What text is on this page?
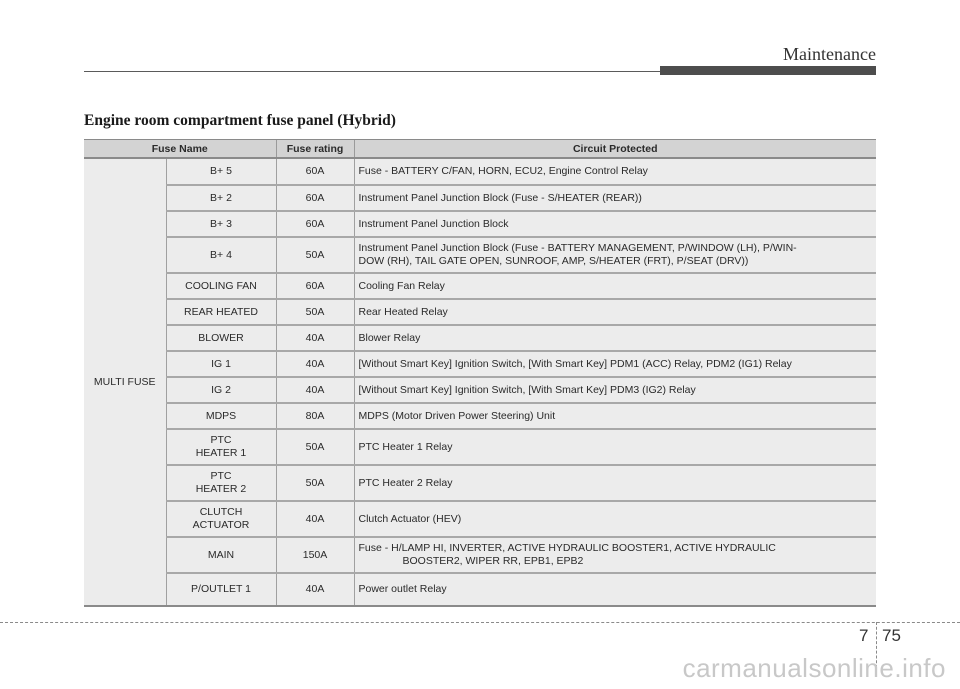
Maintenance
Engine room compartment fuse panel (Hybrid)
Fuse Name		Fuse rating	Circuit Protected
MULTI FUSE	B+ 5	60A	Fuse - BATTERY C/FAN, HORN, ECU2, Engine Control Relay
	B+ 2	60A	Instrument Panel Junction Block (Fuse - S/HEATER (REAR))
	B+ 3	60A	Instrument Panel Junction Block
	B+ 4	50A	Instrument Panel Junction Block (Fuse - BATTERY MANAGEMENT, P/WINDOW (LH), P/WIN-
DOW (RH), TAIL GATE OPEN, SUNROOF, AMP, S/HEATER (FRT), P/SEAT (DRV))

	COOLING FAN	60A	Cooling Fan Relay
	REAR HEATED	50A	Rear Heated Relay
	BLOWER	40A	Blower Relay
	IG 1	40A	[Without Smart Key] Ignition Switch, [With Smart Key] PDM1 (ACC) Relay, PDM2 (IG1) Relay
	IG 2	40A	[Without Smart Key] Ignition Switch, [With Smart Key] PDM3 (IG2) Relay
	MDPS	80A	MDPS (Motor Driven Power Steering) Unit

	PTC
HEATER 1	50A	PTC Heater 1 Relay

	PTC
HEATER 2	50A	PTC Heater 2 Relay

	CLUTCH
ACTUATOR	40A	Clutch Actuator (HEV)
	MAIN	150A	Fuse - H/LAMP HI, INVERTER, ACTIVE HYDRAULIC BOOSTER1, ACTIVE HYDRAULIC
BOOSTER2, WIPER RR, EPB1, EPB2

	P/OUTLET 1	40A	Power outlet Relay
7 75
carmanualsonline.info
